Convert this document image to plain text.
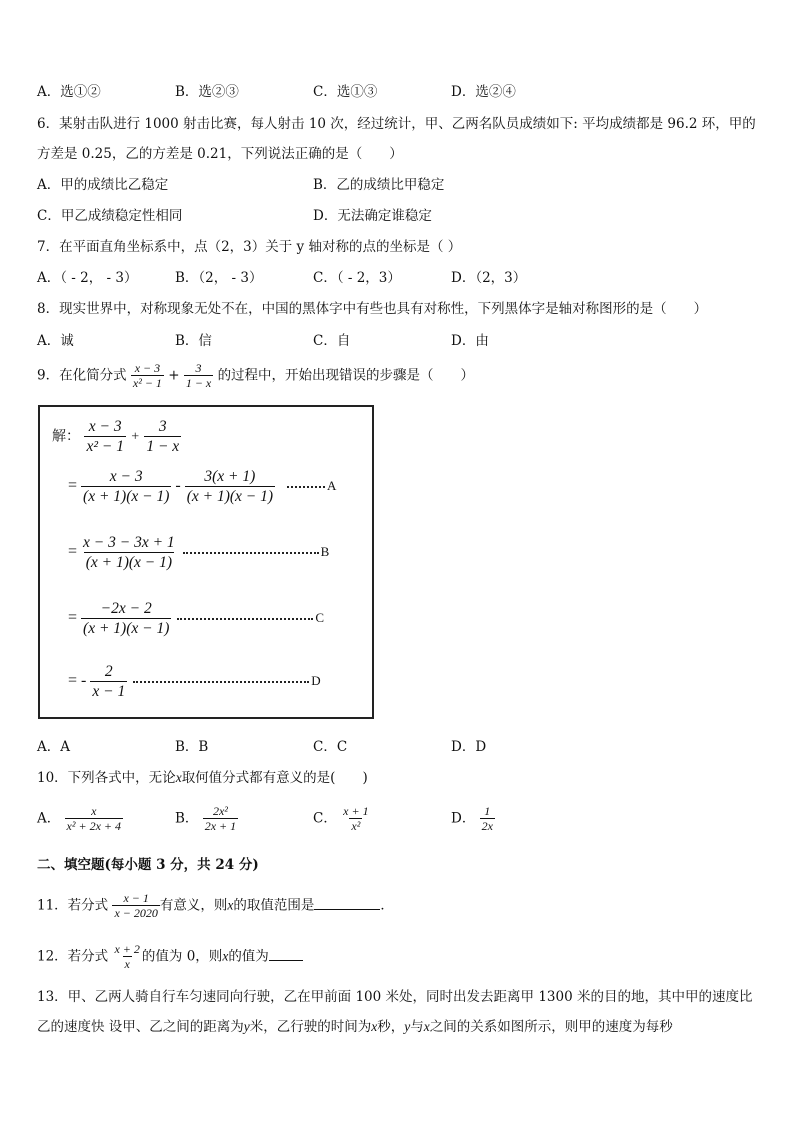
A．选①②	B．选②③	C．选①③	D．选②④
6．某射击队进行 1000 射击比赛，每人射击 10 次，经过统计，甲、乙两名队员成绩如下: 平均成绩都是 96.2 环，甲的
方差是 0.25，乙的方差是 0.21，下列说法正确的是（　　）
A．甲的成绩比乙稳定	B．乙的成绩比甲稳定
C．甲乙成绩稳定性相同	D．无法确定谁稳定
7．在平面直角坐标系中，点（2，3）关于 y 轴对称的点的坐标是（ ）
A．（ - 2， - 3）	B．（2， - 3）	C．（ - 2，3）	D．（2，3）
8．现实世界中，对称现象无处不在，中国的黑体字中有些也具有对称性，下列黑体字是轴对称图形的是（　　）
A．诚	B．信	C．自	D．由
9．在化简分式 $\frac{x - 3}{\text{x² − 1}} + \frac{3}{1 - x}$ 的过程中，开始出现错误的步骤是（　　）
解： $\frac{x - 3}{\text{x² − 1}} + \frac{3}{1 - x}$
= $\frac{x - 3}{(x + 1)(x - 1)} - \frac{3(x + 1)}{(x + 1)(x - 1)}$	A
= $\frac{x - 3 - 3x + 1}{(x + 1)(x - 1)}$	B
= $\frac{-2x - 2}{(x + 1)(x - 1)}$	C
= - $\frac{2}{x - 1}$	D
A．A	B．B	C．C	D．D
10．下列各式中，无论x取何值分式都有意义的是(　　)
A． $\frac{x}{\text{x² + 2x + 4}}$	B． $\frac{\text{2x²}}{2x + 1}$	C． $\frac{x + 1}{\text{x²}}$	D． $\frac{1}{2x}$
二、填空题(每小题 3 分，共 24 分)
11．若分式 $\frac{x - 1}{x - 2020}$ 有意义，则x的取值范围是	．
12．若分式 $\frac{x + 2}{x}$ 的值为 0，则x的值为
13．甲、乙两人骑自行车匀速同向行驶，乙在甲前面 100 米处，同时出发去距离甲 1300 米的目的地，其中甲的速度比
乙的速度快 设甲、乙之间的距离为y米，乙行驶的时间为x秒，y与x之间的关系如图所示，则甲的速度为每秒
